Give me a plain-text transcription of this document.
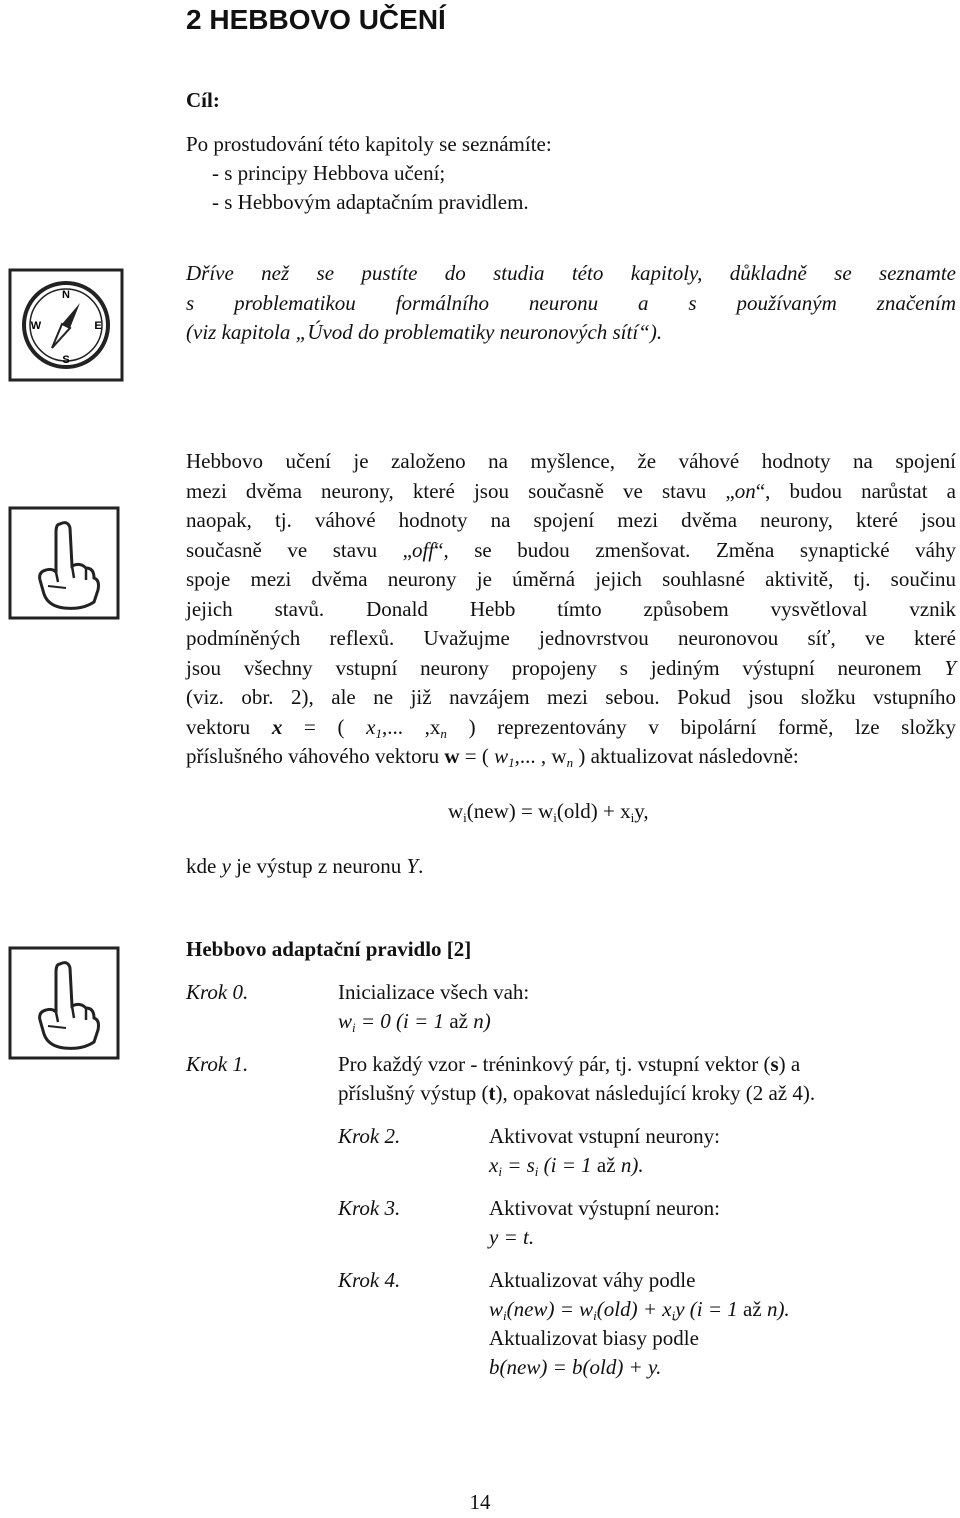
2 HEBBOVO UČENÍ
Cíl:
Po prostudování této kapitoly se seznámíte:
- s principy Hebbova učení;
- s Hebbovým adaptačním pravidlem.
N
S
W	E
Dříve než se pustíte do studia této kapitoly, důkladně se seznamte
s problematikou formálního neuronu a s používaným značením
(viz kapitola „Úvod do problematiky neuronových sítí“).
Hebbovo učení je založeno na myšlence, že váhové hodnoty na spojení
mezi dvěma neurony, které jsou současně ve stavu „on“, budou narůstat a
naopak, tj. váhové hodnoty na spojení mezi dvěma neurony, které jsou
současně ve stavu „off“, se budou zmenšovat. Změna synaptické váhy
spoje mezi dvěma neurony je úměrná jejich souhlasné aktivitě, tj. součinu
jejich stavů. Donald Hebb tímto způsobem vysvětloval vznik
podmíněných reflexů. Uvažujme jednovrstvou neuronovou síť, ve které
jsou všechny vstupní neurony propojeny s jediným výstupní neuronem Y
(viz. obr. 2), ale ne již navzájem mezi sebou. Pokud jsou složku vstupního
vektoru x = ( $x_1$,... $,x_n$ ) reprezentovány v bipolární formě, lze složky
příslušného váhového vektoru w = ( $w_1$,... , $w_n$ ) aktualizovat následovně:
$w_i(new) = w_i(old) + x_iy$,
kde y je výstup z neuronu Y.
Hebbovo adaptační pravidlo [2]
Krok 0.	Inicializace všech vah:
$w_i = 0$ (i = 1 až n)
Krok 1.	Pro každý vzor - tréninkový pár, tj. vstupní vektor (s) a
příslušný výstup (t), opakovat následující kroky (2 až 4).
Krok 2.	Aktivovat vstupní neurony:
$x_i = s_i$ (i = 1 až n).
Krok 3.	Aktivovat výstupní neuron:
y = t.
Krok 4.	Aktualizovat váhy podle
$w_i(new) = w_i(old) + x_iy$ (i = 1 až n).
Aktualizovat biasy podle
b(new) = b(old) + y.
14
